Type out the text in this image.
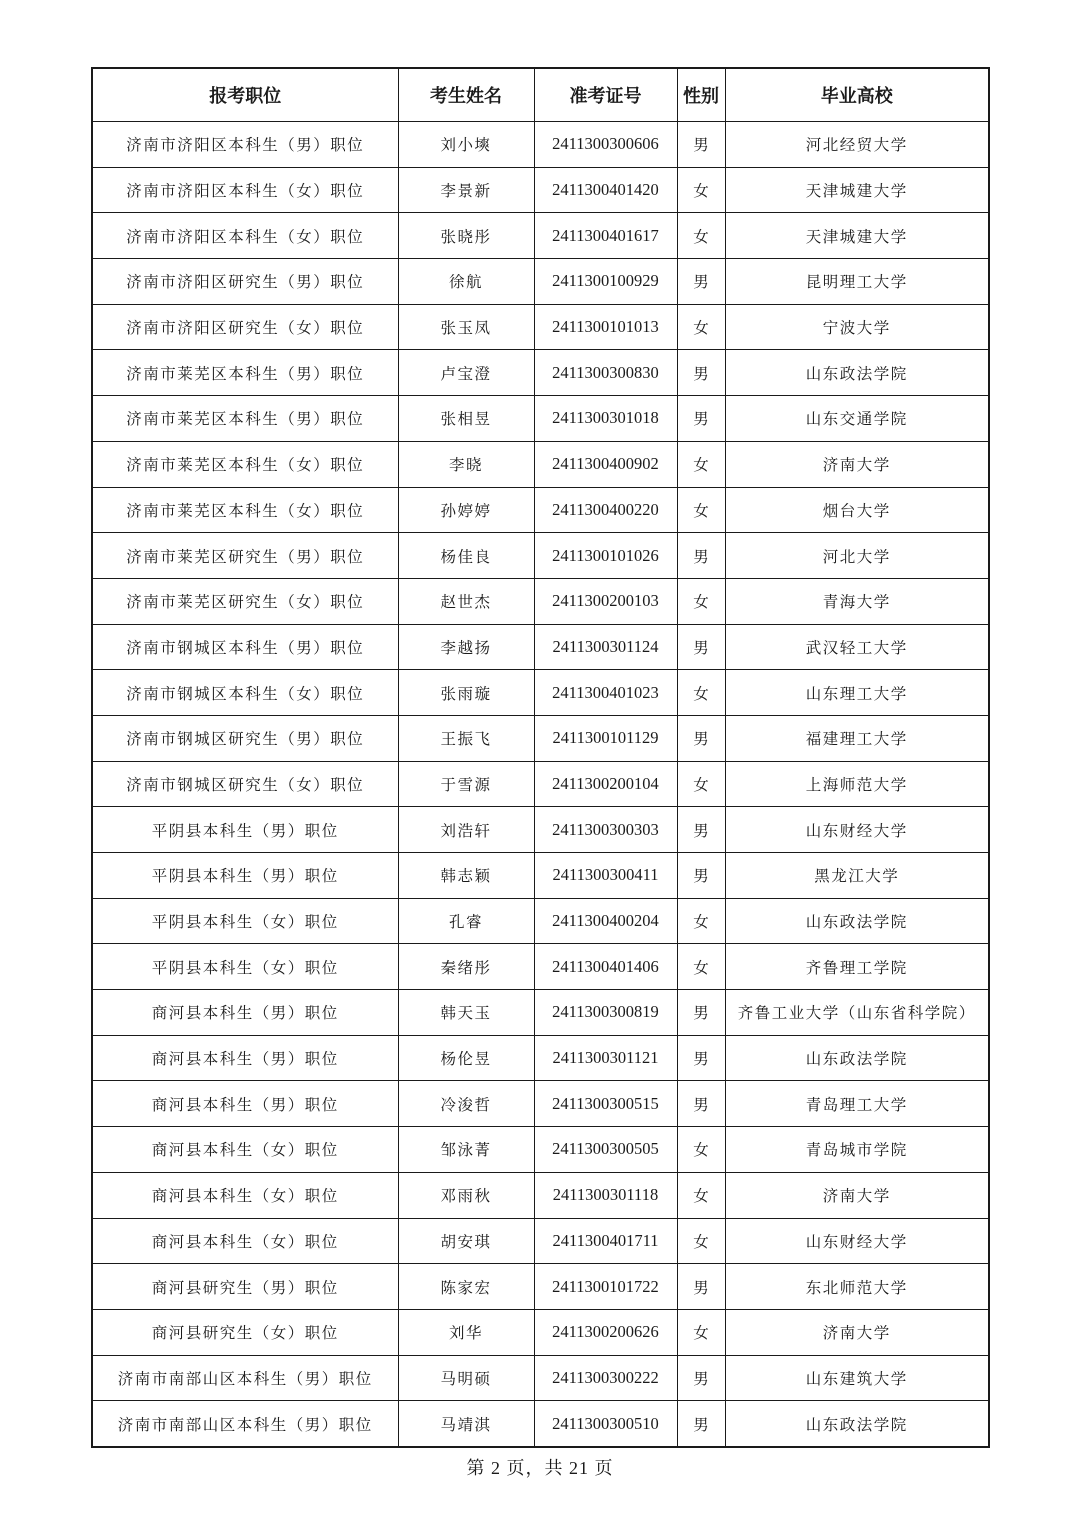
报考职位	考生姓名	准考证号	性别	毕业高校
济南市济阳区本科生（男）职位	刘小塽	2411300300606	男	河北经贸大学
济南市济阳区本科生（女）职位	李景新	2411300401420	女	天津城建大学
济南市济阳区本科生（女）职位	张晓彤	2411300401617	女	天津城建大学
济南市济阳区研究生（男）职位	徐航	2411300100929	男	昆明理工大学
济南市济阳区研究生（女）职位	张玉凤	2411300101013	女	宁波大学
济南市莱芜区本科生（男）职位	卢宝澄	2411300300830	男	山东政法学院
济南市莱芜区本科生（男）职位	张相昱	2411300301018	男	山东交通学院
济南市莱芜区本科生（女）职位	李晓	2411300400902	女	济南大学
济南市莱芜区本科生（女）职位	孙婷婷	2411300400220	女	烟台大学
济南市莱芜区研究生（男）职位	杨佳良	2411300101026	男	河北大学
济南市莱芜区研究生（女）职位	赵世杰	2411300200103	女	青海大学
济南市钢城区本科生（男）职位	李越扬	2411300301124	男	武汉轻工大学
济南市钢城区本科生（女）职位	张雨璇	2411300401023	女	山东理工大学
济南市钢城区研究生（男）职位	王振飞	2411300101129	男	福建理工大学
济南市钢城区研究生（女）职位	于雪源	2411300200104	女	上海师范大学
平阴县本科生（男）职位	刘浩轩	2411300300303	男	山东财经大学
平阴县本科生（男）职位	韩志颖	2411300300411	男	黑龙江大学
平阴县本科生（女）职位	孔睿	2411300400204	女	山东政法学院
平阴县本科生（女）职位	秦绪彤	2411300401406	女	齐鲁理工学院
商河县本科生（男）职位	韩天玉	2411300300819	男	齐鲁工业大学（山东省科学院）
商河县本科生（男）职位	杨伦昱	2411300301121	男	山东政法学院
商河县本科生（男）职位	冷浚哲	2411300300515	男	青岛理工大学
商河县本科生（女）职位	邹泳菁	2411300300505	女	青岛城市学院
商河县本科生（女）职位	邓雨秋	2411300301118	女	济南大学
商河县本科生（女）职位	胡安琪	2411300401711	女	山东财经大学
商河县研究生（男）职位	陈家宏	2411300101722	男	东北师范大学
商河县研究生（女）职位	刘华	2411300200626	女	济南大学
济南市南部山区本科生（男）职位	马明硕	2411300300222	男	山东建筑大学
济南市南部山区本科生（男）职位	马靖淇	2411300300510	男	山东政法学院
第 2 页，共 21 页
